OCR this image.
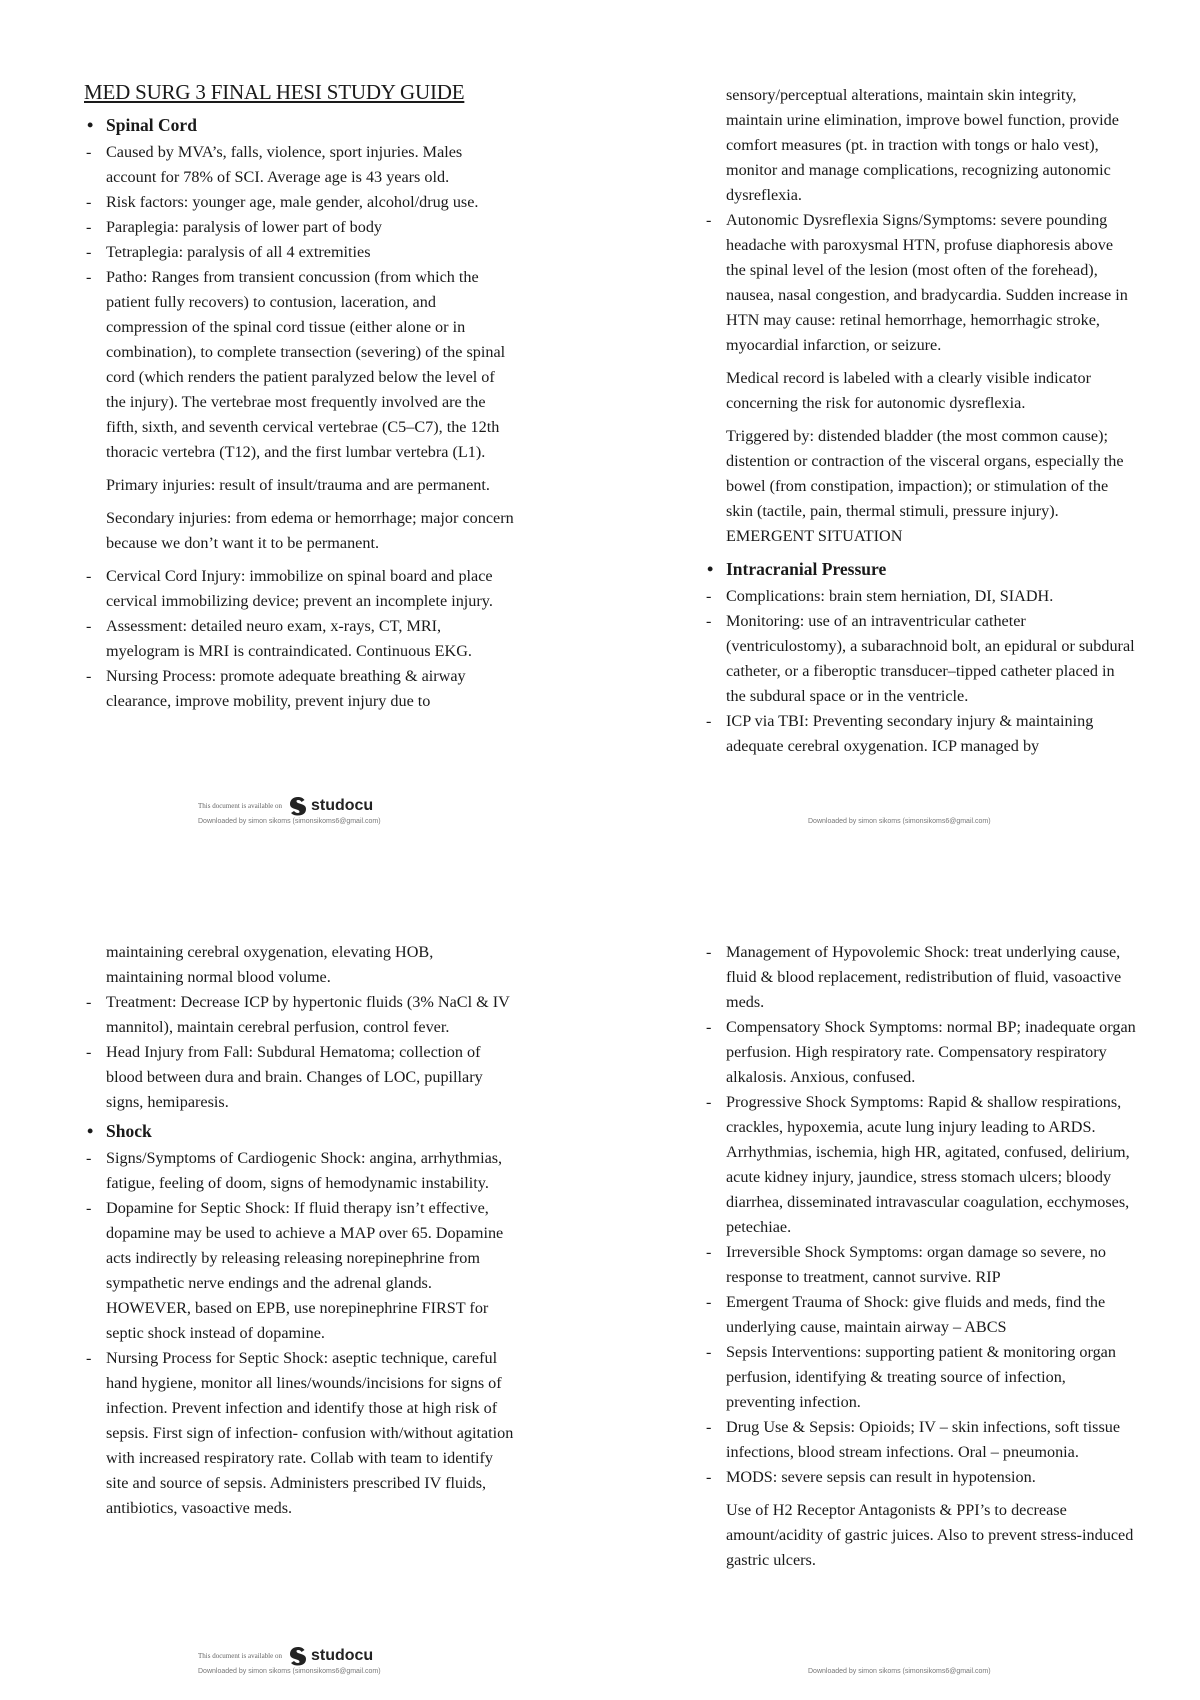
MED SURG 3 FINAL HESI STUDY GUIDE
• Spinal Cord
- Caused by MVA’s, falls, violence, sport injuries. Males account for 78% of SCI. Average age is 43 years old.
- Risk factors: younger age, male gender, alcohol/drug use.
- Paraplegia: paralysis of lower part of body
- Tetraplegia: paralysis of all 4 extremities
- Patho: Ranges from transient concussion (from which the patient fully recovers) to contusion, laceration, and compression of the spinal cord tissue (either alone or in combination), to complete transection (severing) of the spinal cord (which renders the patient paralyzed below the level of the injury). The vertebrae most frequently involved are the fifth, sixth, and seventh cervical vertebrae (C5–C7), the 12th thoracic vertebra (T12), and the first lumbar vertebra (L1).
Primary injuries: result of insult/trauma and are permanent.
Secondary injuries: from edema or hemorrhage; major concern because we don’t want it to be permanent.
- Cervical Cord Injury: immobilize on spinal board and place cervical immobilizing device; prevent an incomplete injury.
- Assessment: detailed neuro exam, x-rays, CT, MRI, myelogram is MRI is contraindicated. Continuous EKG.
- Nursing Process: promote adequate breathing & airway clearance, improve mobility, prevent injury due to
This document is available on studocu
Downloaded by simon sikoms (simonsikoms6@gmail.com)
sensory/perceptual alterations, maintain skin integrity, maintain urine elimination, improve bowel function, provide comfort measures (pt. in traction with tongs or halo vest), monitor and manage complications, recognizing autonomic dysreflexia.
- Autonomic Dysreflexia Signs/Symptoms: severe pounding headache with paroxysmal HTN, profuse diaphoresis above the spinal level of the lesion (most often of the forehead), nausea, nasal congestion, and bradycardia. Sudden increase in HTN may cause: retinal hemorrhage, hemorrhagic stroke, myocardial infarction, or seizure.
Medical record is labeled with a clearly visible indicator concerning the risk for autonomic dysreflexia.
Triggered by: distended bladder (the most common cause); distention or contraction of the visceral organs, especially the bowel (from constipation, impaction); or stimulation of the skin (tactile, pain, thermal stimuli, pressure injury). EMERGENT SITUATION
• Intracranial Pressure
- Complications: brain stem herniation, DI, SIADH.
- Monitoring: use of an intraventricular catheter (ventriculostomy), a subarachnoid bolt, an epidural or subdural catheter, or a fiberoptic transducer–tipped catheter placed in the subdural space or in the ventricle.
- ICP via TBI: Preventing secondary injury & maintaining adequate cerebral oxygenation. ICP managed by
Downloaded by simon sikoms (simonsikoms6@gmail.com)
maintaining cerebral oxygenation, elevating HOB, maintaining normal blood volume.
- Treatment: Decrease ICP by hypertonic fluids (3% NaCl & IV mannitol), maintain cerebral perfusion, control fever.
- Head Injury from Fall: Subdural Hematoma; collection of blood between dura and brain. Changes of LOC, pupillary signs, hemiparesis.
• Shock
- Signs/Symptoms of Cardiogenic Shock: angina, arrhythmias, fatigue, feeling of doom, signs of hemodynamic instability.
- Dopamine for Septic Shock: If fluid therapy isn’t effective, dopamine may be used to achieve a MAP over 65. Dopamine acts indirectly by releasing releasing norepinephrine from sympathetic nerve endings and the adrenal glands. HOWEVER, based on EPB, use norepinephrine FIRST for septic shock instead of dopamine.
- Nursing Process for Septic Shock: aseptic technique, careful hand hygiene, monitor all lines/wounds/incisions for signs of infection. Prevent infection and identify those at high risk of sepsis. First sign of infection- confusion with/without agitation with increased respiratory rate. Collab with team to identify site and source of sepsis. Administers prescribed IV fluids, antibiotics, vasoactive meds.
This document is available on studocu
Downloaded by simon sikoms (simonsikoms6@gmail.com)
- Management of Hypovolemic Shock: treat underlying cause, fluid & blood replacement, redistribution of fluid, vasoactive meds.
- Compensatory Shock Symptoms: normal BP; inadequate organ perfusion. High respiratory rate. Compensatory respiratory alkalosis. Anxious, confused.
- Progressive Shock Symptoms: Rapid & shallow respirations, crackles, hypoxemia, acute lung injury leading to ARDS. Arrhythmias, ischemia, high HR, agitated, confused, delirium, acute kidney injury, jaundice, stress stomach ulcers; bloody diarrhea, disseminated intravascular coagulation, ecchymoses, petechiae.
- Irreversible Shock Symptoms: organ damage so severe, no response to treatment, cannot survive. RIP
- Emergent Trauma of Shock: give fluids and meds, find the underlying cause, maintain airway – ABCS
- Sepsis Interventions: supporting patient & monitoring organ perfusion, identifying & treating source of infection, preventing infection.
- Drug Use & Sepsis: Opioids; IV – skin infections, soft tissue infections, blood stream infections. Oral – pneumonia.
- MODS: severe sepsis can result in hypotension.
Use of H2 Receptor Antagonists & PPI’s to decrease amount/acidity of gastric juices. Also to prevent stress-induced gastric ulcers.
Downloaded by simon sikoms (simonsikoms6@gmail.com)
